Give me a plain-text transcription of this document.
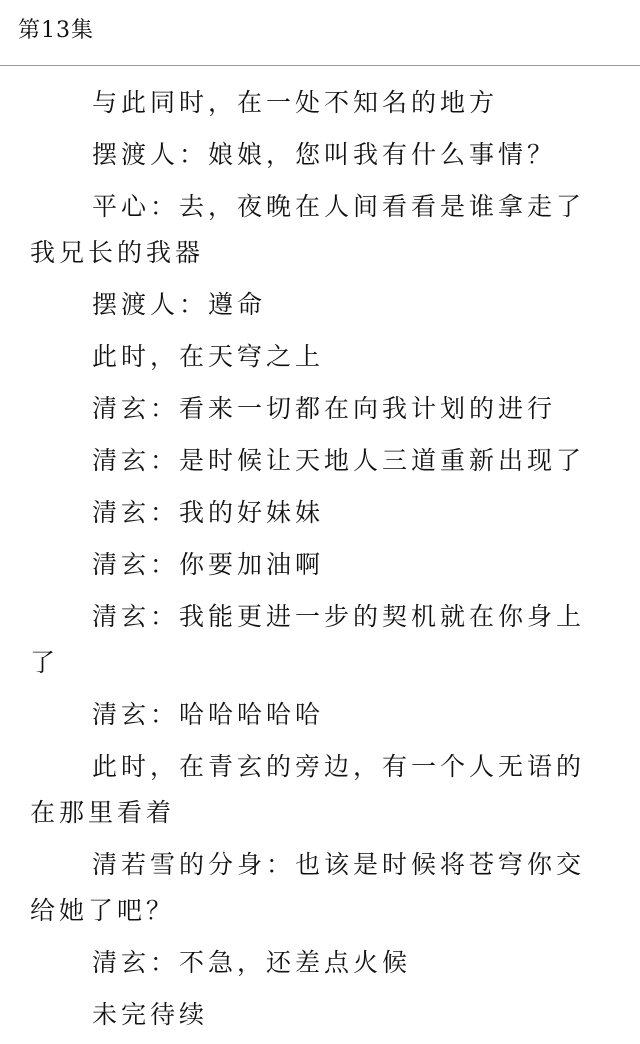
第13集

与此同时，在一处不知名的地方

摆渡人：娘娘，您叫我有什么事情？

平心：去，夜晚在人间看看是谁拿走了我兄长的我器

摆渡人：遵命

此时，在天穹之上

清玄：看来一切都在向我计划的进行

清玄：是时候让天地人三道重新出现了

清玄：我的好妹妹

清玄：你要加油啊

清玄：我能更进一步的契机就在你身上了

清玄：哈哈哈哈哈

此时，在青玄的旁边，有一个人无语的在那里看着

清若雪的分身：也该是时候将苍穹你交给她了吧？

清玄：不急，还差点火候

未完待续
